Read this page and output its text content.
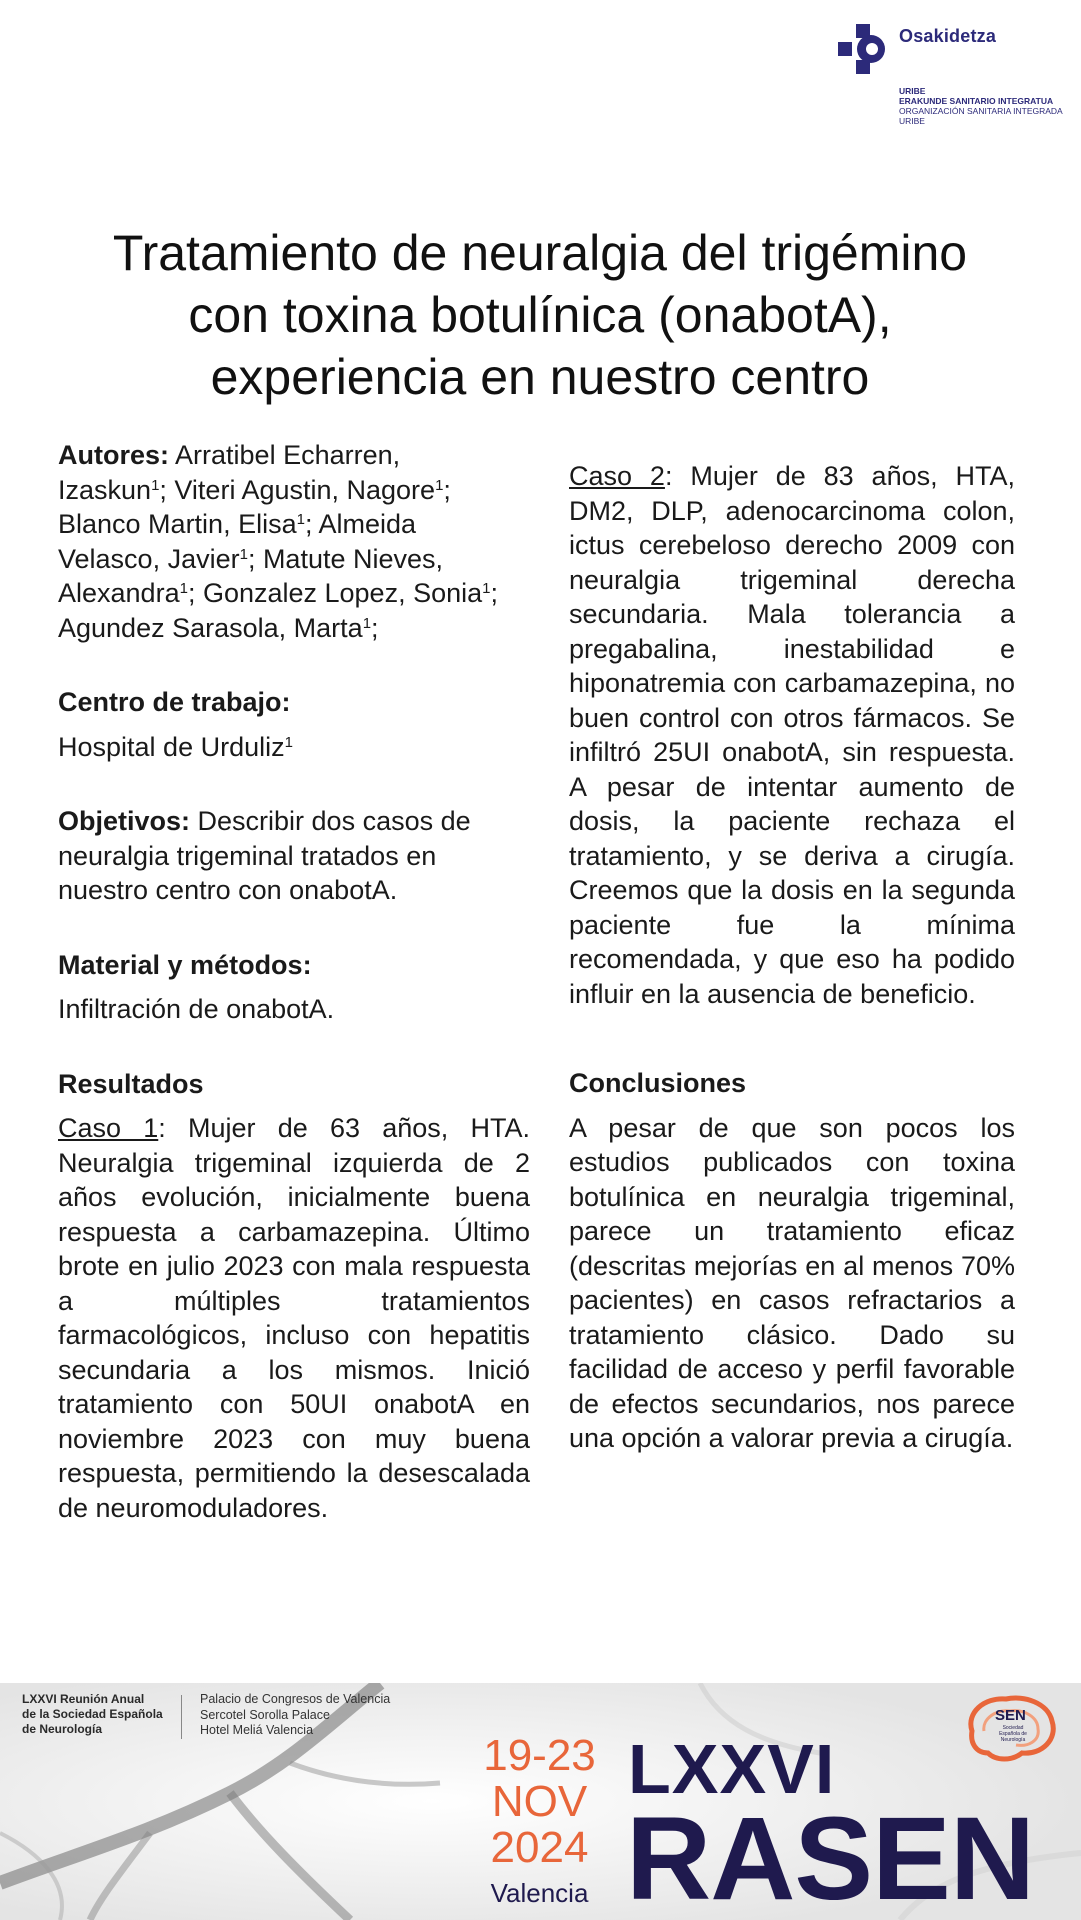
Osakidetza
URIBE
ERAKUNDE SANITARIO INTEGRATUA
ORGANIZACIÓN SANITARIA INTEGRADA
URIBE
Tratamiento de neuralgia del trigémino
con toxina botulínica (onabotA),
experiencia en nuestro centro

Autores: Arratibel Echarren,
Izaskun$^1$; Viteri Agustin, Nagore$^1$;
Blanco Martin, Elisa$^1$; Almeida
Velasco, Javier$^1$; Matute Nieves,
Alexandra$^1$; Gonzalez Lopez, Sonia$^1$;
Agundez Sarasola, Marta$^1$;

Centro de trabajo:

Hospital de Urduliz$^1$

Objetivos: Describir dos casos de neuralgia trigeminal tratados en nuestro centro con onabotA.

Material y métodos:

Infiltración de onabotA.

Resultados

Caso 1: Mujer de 63 años, HTA. Neuralgia trigeminal izquierda de 2 años evolución, inicialmente buena respuesta a carbamazepina. Último brote en julio 2023 con mala respuesta a múltiples tratamientos farmacológicos, incluso con hepatitis secundaria a los mismos. Inició tratamiento con 50UI onabotA en noviembre 2023 con muy buena respuesta, permitiendo la desescalada de neuromoduladores.

Caso 2: Mujer de 83 años, HTA, DM2, DLP, adenocarcinoma colon, ictus cerebeloso derecho 2009 con neuralgia trigeminal derecha secundaria. Mala tolerancia a pregabalina, inestabilidad e hiponatremia con carbamazepina, no buen control con otros fármacos. Se infiltró 25UI onabotA, sin respuesta. A pesar de intentar aumento de dosis, la paciente rechaza el tratamiento, y se deriva a cirugía. Creemos que la dosis en la segunda paciente fue la mínima recomendada, y que eso ha podido influir en la ausencia de beneficio.

Conclusiones

A pesar de que son pocos los estudios publicados con toxina botulínica en neuralgia trigeminal, parece un tratamiento eficaz (descritas mejorías en al menos 70% pacientes) en casos refractarios a tratamiento clásico. Dado su facilidad de acceso y perfil favorable de efectos secundarios, nos parece una opción a valorar previa a cirugía.

LXXVI Reunión Anual
de la Sociedad Española
de Neurología
Palacio de Congresos de Valencia
Sercotel Sorolla Palace
Hotel Meliá Valencia
19-23
NOV
2024
Valencia
LXXVI
RASEN
SEN
Sociedad Española de Neurología
